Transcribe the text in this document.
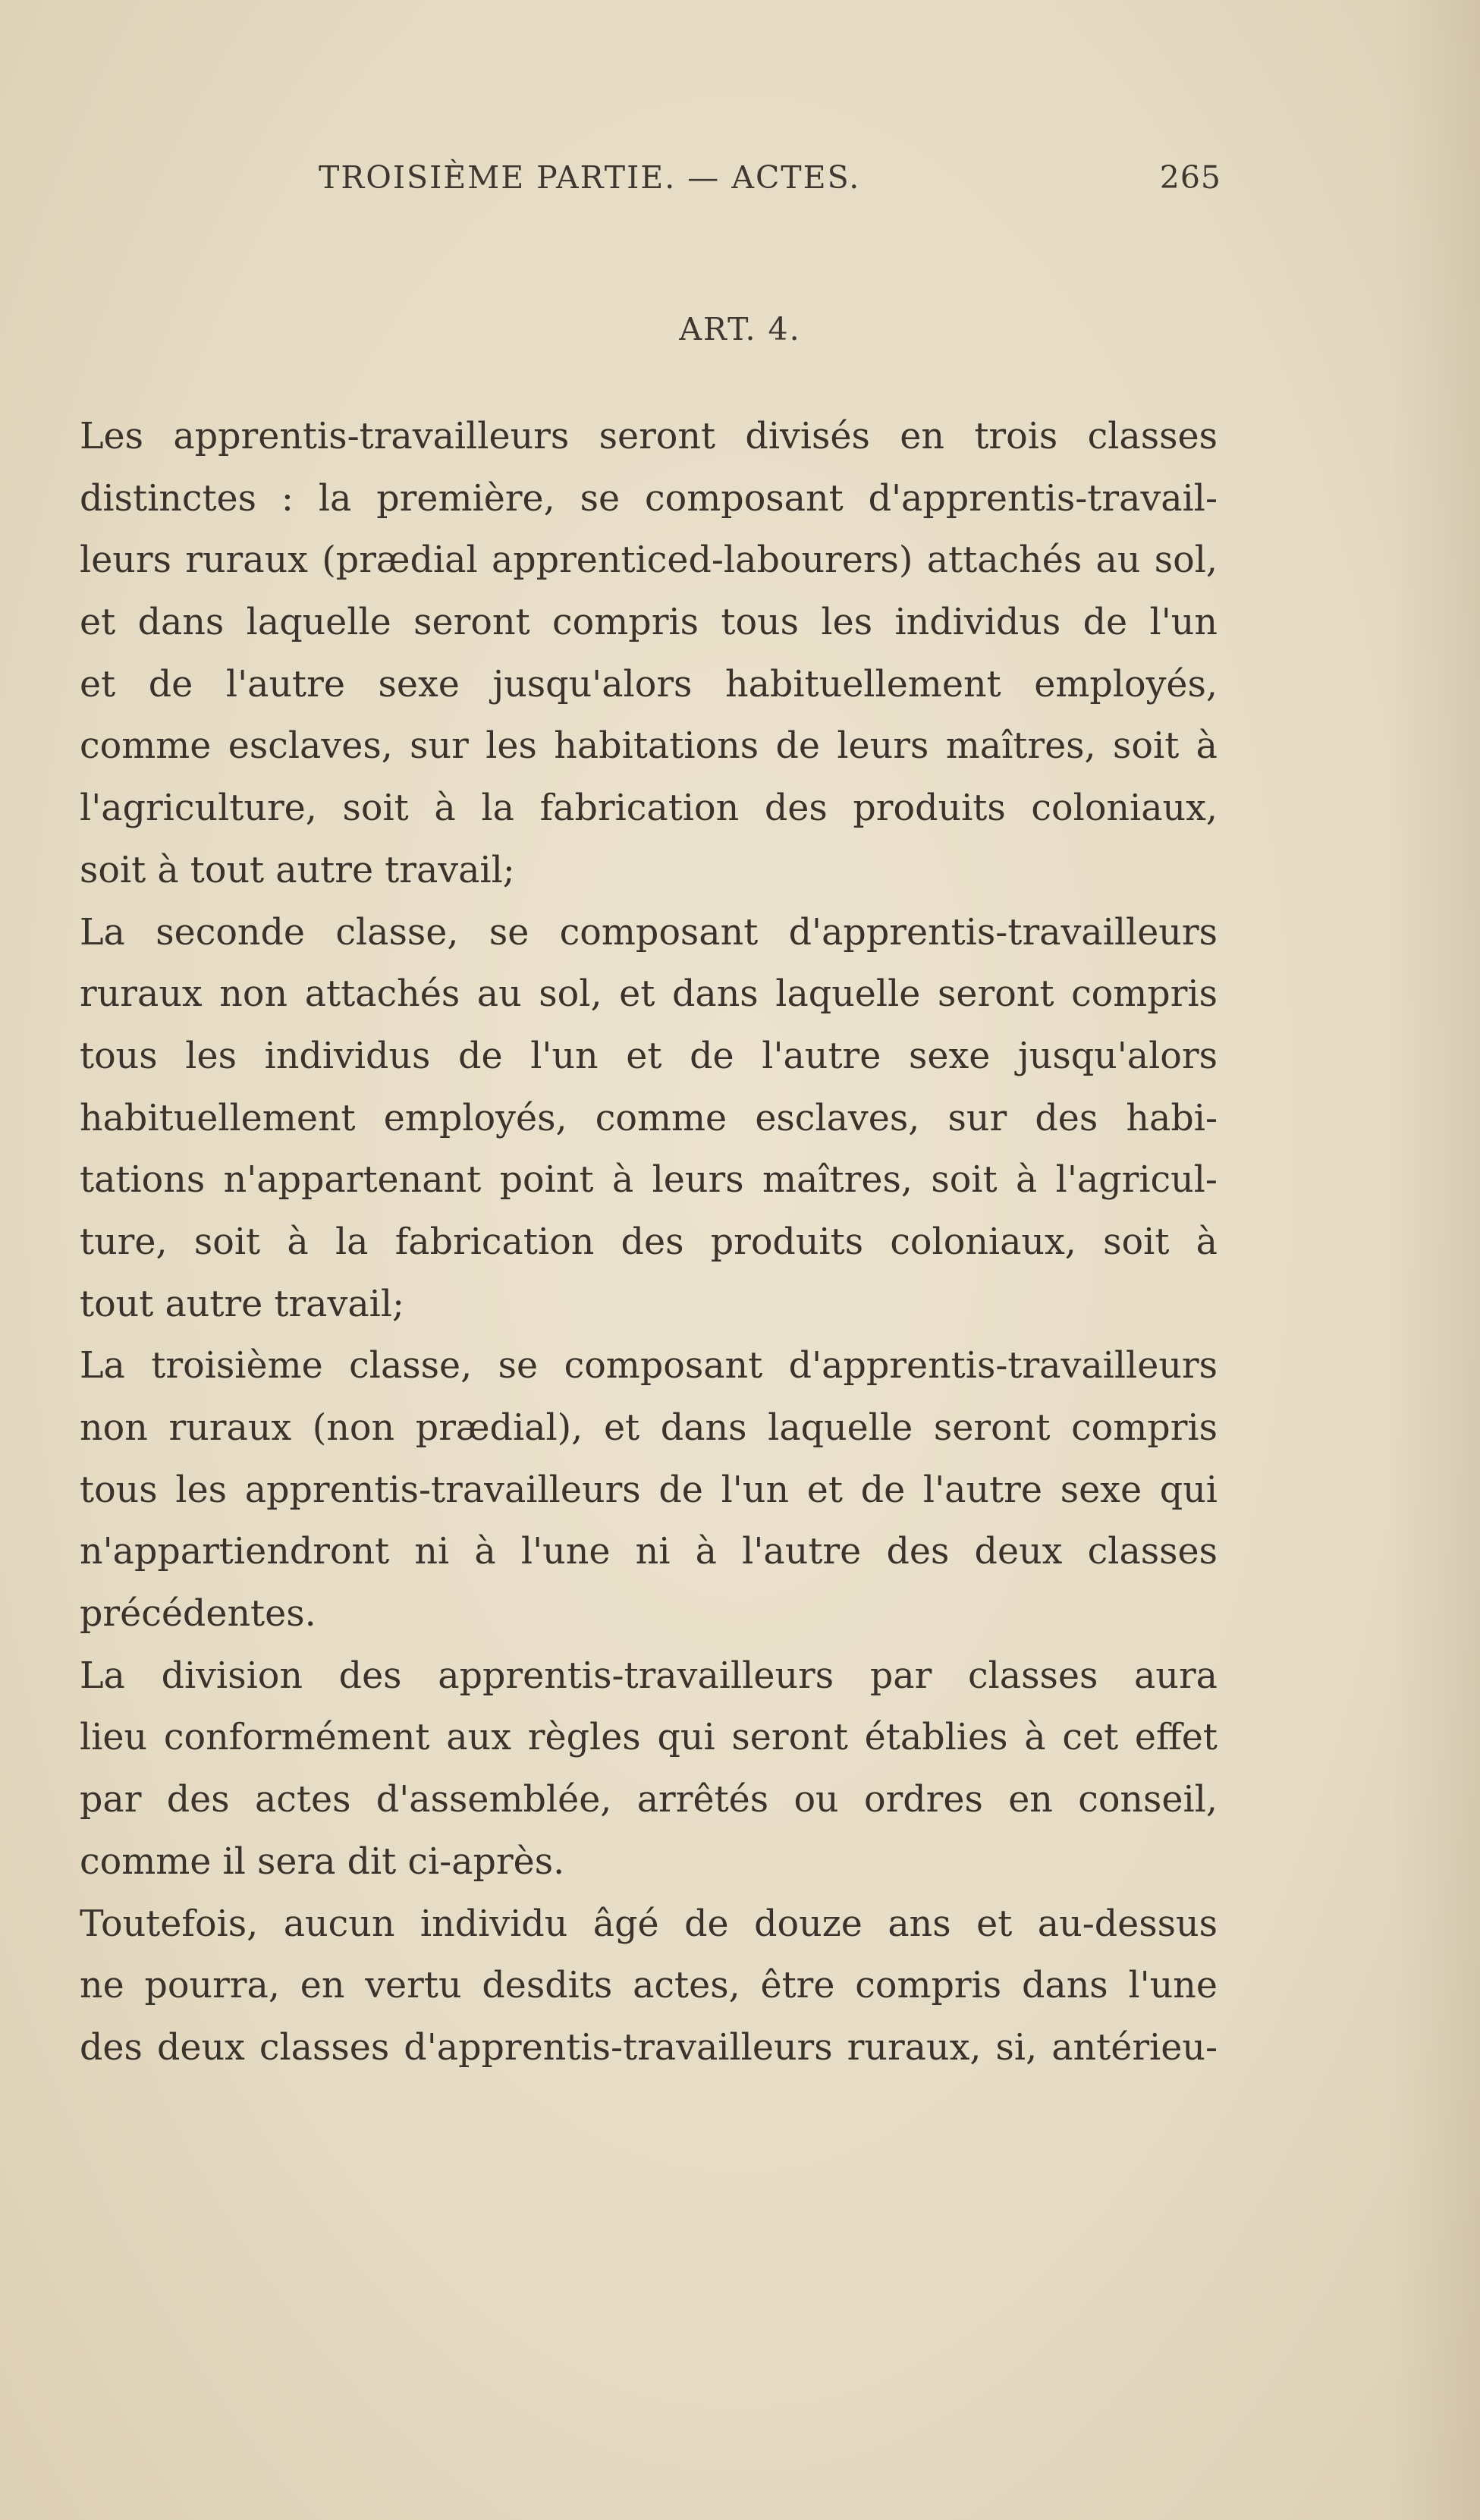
TROISIÈME PARTIE. — ACTES.	265
ART. 4.
Les apprentis-travailleurs seront divisés en trois classes
distinctes : la première, se composant d'apprentis-travail-
leurs ruraux (prædial apprenticed-labourers) attachés au sol,
et dans laquelle seront compris tous les individus de l'un
et de l'autre sexe jusqu'alors habituellement employés,
comme esclaves, sur les habitations de leurs maîtres, soit à
l'agriculture, soit à la fabrication des produits coloniaux,
soit à tout autre travail;
La seconde classe, se composant d'apprentis-travailleurs
ruraux non attachés au sol, et dans laquelle seront compris
tous les individus de l'un et de l'autre sexe jusqu'alors
habituellement employés, comme esclaves, sur des habi-
tations n'appartenant point à leurs maîtres, soit à l'agricul-
ture, soit à la fabrication des produits coloniaux, soit à
tout autre travail;
La troisième classe, se composant d'apprentis-travailleurs
non ruraux (non prædial), et dans laquelle seront compris
tous les apprentis-travailleurs de l'un et de l'autre sexe qui
n'appartiendront ni à l'une ni à l'autre des deux classes
précédentes.
La division des apprentis-travailleurs par classes aura
lieu conformément aux règles qui seront établies à cet effet
par des actes d'assemblée, arrêtés ou ordres en conseil,
comme il sera dit ci-après.
Toutefois, aucun individu âgé de douze ans et au-dessus
ne pourra, en vertu desdits actes, être compris dans l'une
des deux classes d'apprentis-travailleurs ruraux, si, antérieu-
